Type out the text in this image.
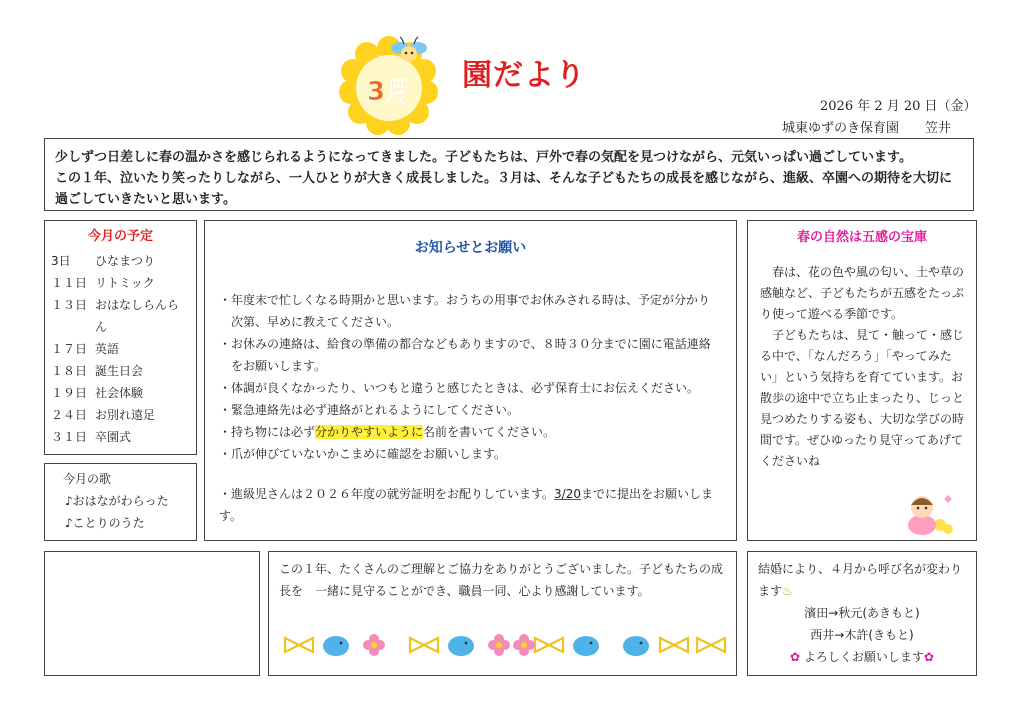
3月 園だより
2026 年 2 月 20 日（金）
城東ゆずのき保育園　　笠井
少しずつ日差しに春の温かさを感じられるようになってきました。子どもたちは、戸外で春の気配を見つけながら、元気いっぱい過ごしています。
この１年、泣いたり笑ったりしながら、一人ひとりが大きく成長しました。３月は、そんな子どもたちの成長を感じながら、進級、卒園への期待を大切に過ごしていきたいと思います。
今月の予定
3日	ひなまつり
１１日 リトミック
１３日 おはなしらんらん
１７日 英語
１８日 誕生日会
１９日 社会体験
２４日 お別れ遠足
３１日 卒園式
今月の歌
♪おはながわらった
♪ことりのうた
お知らせとお願い
・年度末で忙しくなる時期かと思います。おうちの用事でお休みされる時は、予定が分かり次第、早めに教えてください。
・お休みの連絡は、給食の準備の都合などもありますので、８時３０分までに園に電話連絡をお願いします。
・体調が良くなかったり、いつもと違うと感じたときは、必ず保育士にお伝えください。
・緊急連絡先は必ず連絡がとれるようにしてください。
・持ち物には必ず分かりやすいように名前を書いてください。
・爪が伸びていないかこまめに確認をお願いします。
・進級児さんは２０２６年度の就労証明をお配りしています。3/20までに提出をお願いします。
春の自然は五感の宝庫

春は、花の色や風の匂い、土や草の感触など、子どもたちが五感をたっぷり使って遊べる季節です。

子どもたちは、見て・触って・感じる中で、「なんだろう」「やってみたい」という気持ちを育てています。お散歩の途中で立ち止まったり、じっと見つめたりする姿も、大切な学びの時間です。ぜひゆったり見守ってあげてくださいね

この１年、たくさんのご理解とご協力をありがとうございました。子どもたちの成長を　一緒に見守ることができ、職員一同、心より感謝しています。
結婚により、４月から呼び名が変わります♨
濱田→秋元(あきもと)
西井→木許(きもと)
✿ よろしくお願いします✿
